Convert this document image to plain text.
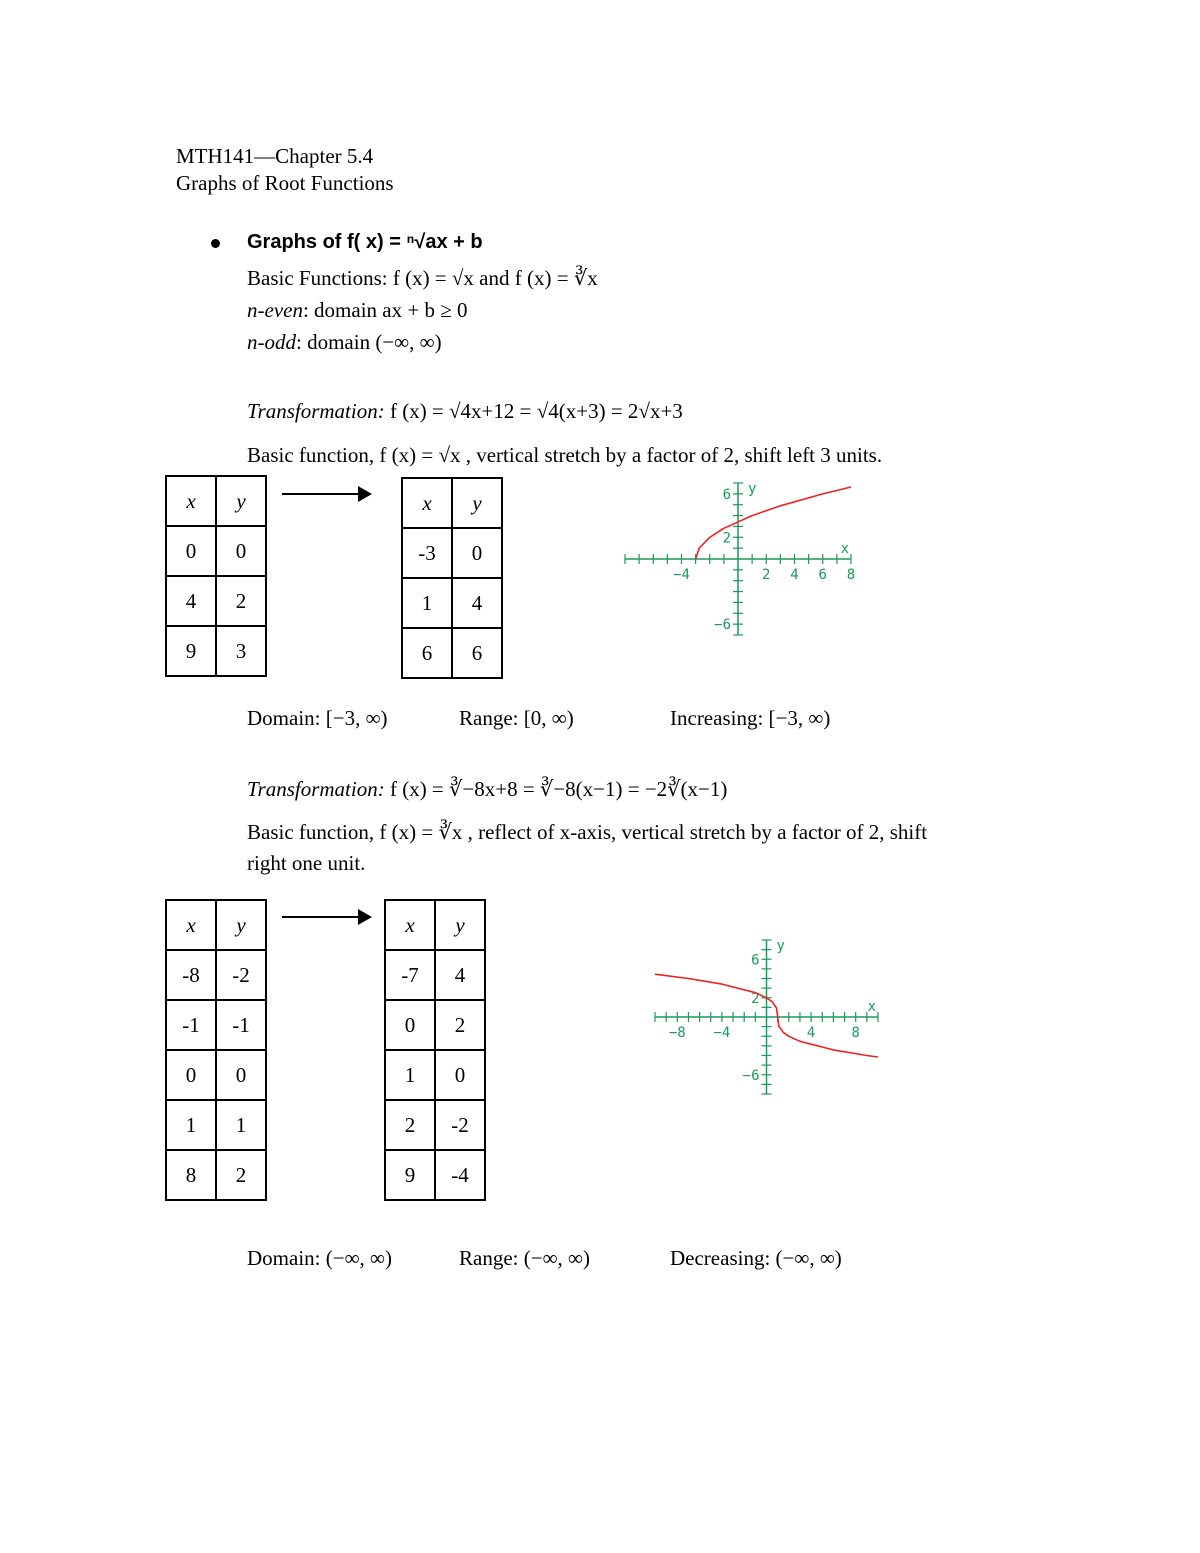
MTH141—Chapter 5.4
Graphs of Root Functions
Graphs of f( x) = ⁿ√ax + b
Basic Functions: f (x) = √x and f (x) = ∛x
n-even: domain ax + b ≥ 0
n-odd: domain (−∞, ∞)
Transformation: f (x) = √4x+12 = √4(x+3) = 2√x+3
Basic function, f (x) = √x , vertical stretch by a factor of 2, shift left 3 units.
x	y
0	0
4	2
9	3
x	y
-3	0
1	4
6	6
−4	2 4 6 8
6
2
−6
x
y
Domain: [−3, ∞)	Range: [0, ∞)	Increasing: [−3, ∞)
Transformation: f (x) = ∛−8x+8 = ∛−8(x−1) = −2∛(x−1)
Basic function, f (x) = ∛x , reflect of x-axis, vertical stretch by a factor of 2, shift
right one unit.
x	y
-8	-2
-1	-1
0	0
1	1
8	2
x	y
-7	4
0	2
1	0
2	-2
9	-4
−8 −4	4	8
6
2
−6
x
y
Domain: (−∞, ∞)	Range: (−∞, ∞)	Decreasing: (−∞, ∞)
